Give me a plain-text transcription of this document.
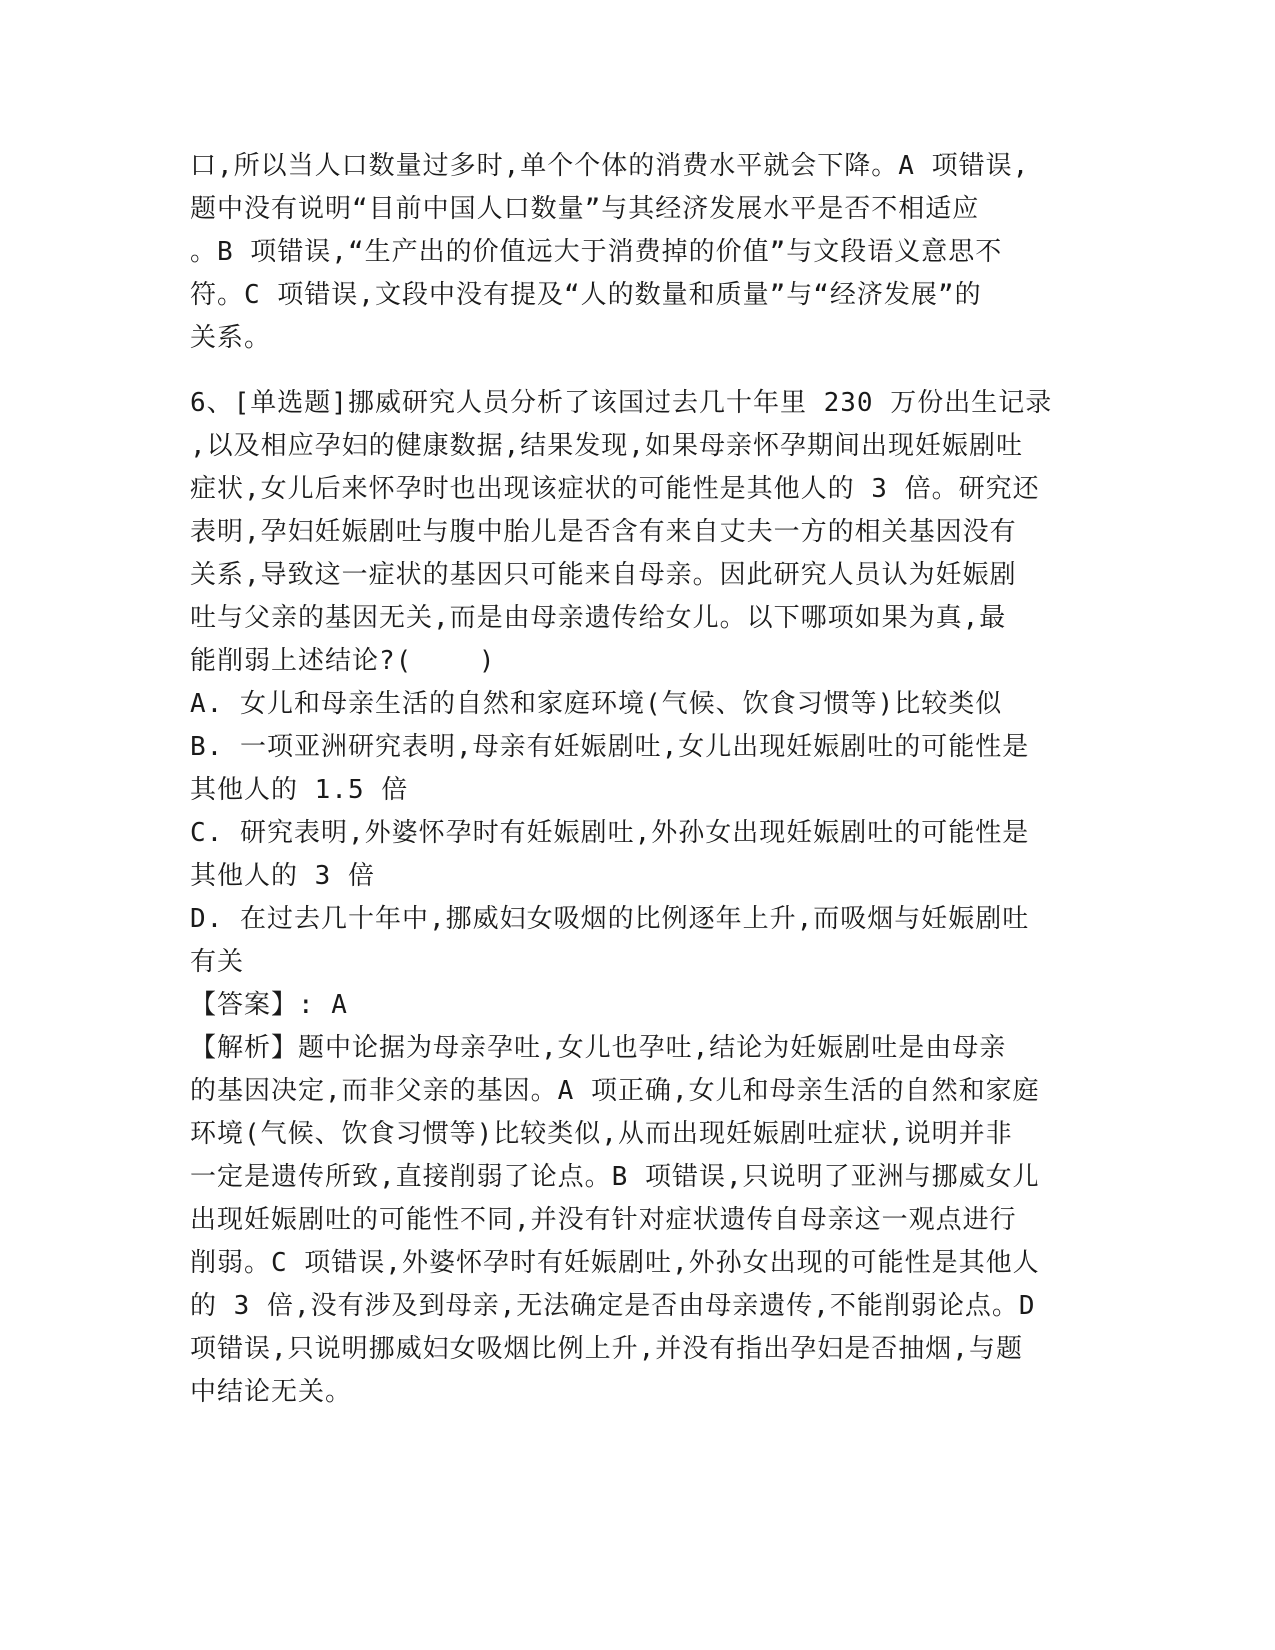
口,所以当人口数量过多时,单个个体的消费水平就会下降。A 项错误,
题中没有说明“目前中国人口数量”与其经济发展水平是否不相适应
。B 项错误,“生产出的价值远大于消费掉的价值”与文段语义意思不
符。C 项错误,文段中没有提及“人的数量和质量”与“经济发展”的
关系。
6、[单选题]挪威研究人员分析了该国过去几十年里 230 万份出生记录
,以及相应孕妇的健康数据,结果发现,如果母亲怀孕期间出现妊娠剧吐
症状,女儿后来怀孕时也出现该症状的可能性是其他人的 3 倍。研究还
表明,孕妇妊娠剧吐与腹中胎儿是否含有来自丈夫一方的相关基因没有
关系,导致这一症状的基因只可能来自母亲。因此研究人员认为妊娠剧
吐与父亲的基因无关,而是由母亲遗传给女儿。以下哪项如果为真,最
能削弱上述结论?(    )
A. 女儿和母亲生活的自然和家庭环境(气候、饮食习惯等)比较类似
B. 一项亚洲研究表明,母亲有妊娠剧吐,女儿出现妊娠剧吐的可能性是
其他人的 1.5 倍
C. 研究表明,外婆怀孕时有妊娠剧吐,外孙女出现妊娠剧吐的可能性是
其他人的 3 倍
D. 在过去几十年中,挪威妇女吸烟的比例逐年上升,而吸烟与妊娠剧吐
有关
【答案】: A
【解析】题中论据为母亲孕吐,女儿也孕吐,结论为妊娠剧吐是由母亲
的基因决定,而非父亲的基因。A 项正确,女儿和母亲生活的自然和家庭
环境(气候、饮食习惯等)比较类似,从而出现妊娠剧吐症状,说明并非
一定是遗传所致,直接削弱了论点。B 项错误,只说明了亚洲与挪威女儿
出现妊娠剧吐的可能性不同,并没有针对症状遗传自母亲这一观点进行
削弱。C 项错误,外婆怀孕时有妊娠剧吐,外孙女出现的可能性是其他人
的 3 倍,没有涉及到母亲,无法确定是否由母亲遗传,不能削弱论点。D
项错误,只说明挪威妇女吸烟比例上升,并没有指出孕妇是否抽烟,与题
中结论无关。
